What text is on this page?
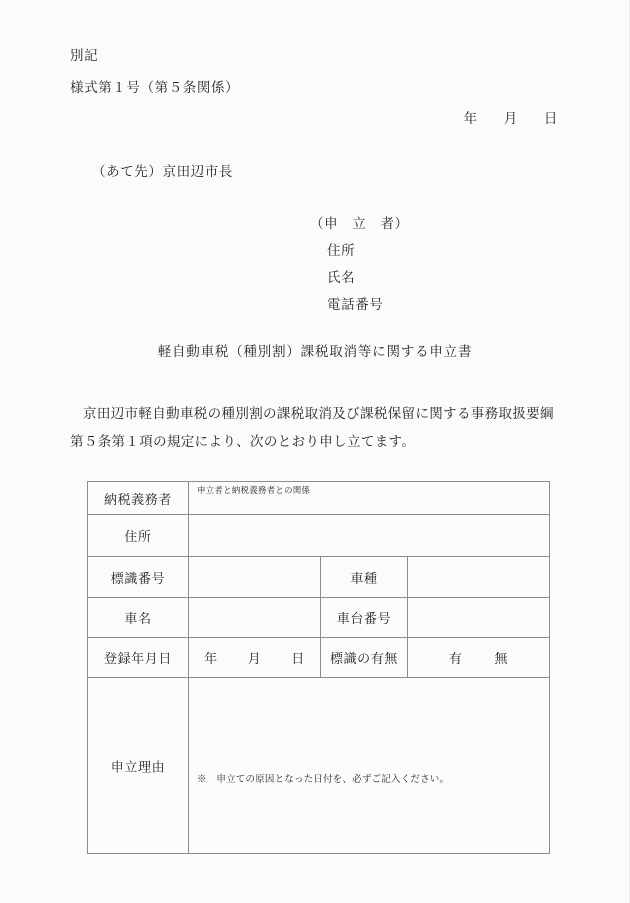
別記
様式第１号（第５条関係）
年 月 日
（あて先）京田辺市長
（申　立　者）
住所
氏名
電話番号
軽自動車税（種別割）課税取消等に関する申立書
京田辺市軽自動車税の種別割の課税取消及び課税保留に関する事務取扱要綱
第５条第１項の規定により、次のとおり申し立てます。
納税義務者	申立者と納税義務者との関係		

住所			
標識番号		車種	
車名		車台番号	
登録年月日	年 月 日	標識の有無	有 無

申立理由	※　申立ての原因となった日付を、必ずご記入ください。		
